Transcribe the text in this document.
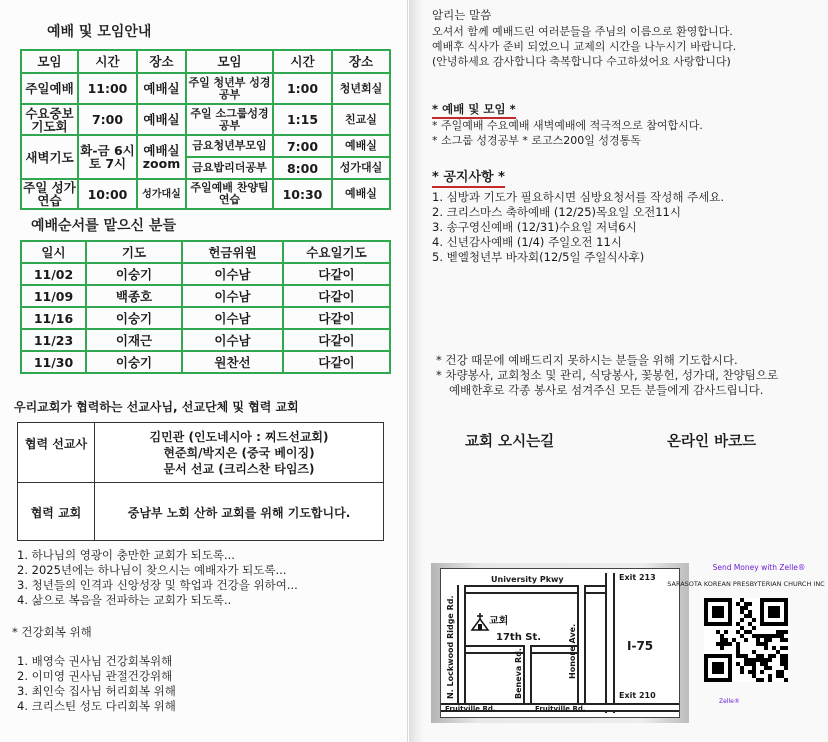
예배 및 모임안내
모임	시간	장소	모임	시간	장소
주일예배	11:00	예배실	주일 청년부 성경공부	1:00	청년회실
수요중보 기도회	7:00	예배실	주일 소그룹성경공부	1:15	친교실
새벽기도	화-금 6시 토 7시	예배실 zoom	금요청년부모임	7:00	예배실
			금요밥리더공부	8:00	성가대실
주일 성가연습	10:00	성가대실	주일예배 찬양팀연습	10:30	예배실
예배순서를 맡으신 분들
일시	기도	헌금위원	수요일기도
11/02	이숭기	이수남	다같이
11/09	백종호	이수남	다같이
11/16	이숭기	이수남	다같이
11/23	이재근	이수남	다같이
11/30	이숭기	원찬선	다같이
우리교회가 협력하는 선교사님, 선교단체 및 협력 교회
협력 선교사	김민관 (인도네시아 : 찌드선교회)
현준희/박지은 (중국 베이징)
문서 선교 (크리스찬 타임즈)
협력 교회	중남부 노회 산하 교회를 위해 기도합니다.
1. 하나님의 영광이 충만한 교회가 되도록...
2. 2025년에는 하나님이 찾으시는 예배자가 되도록...
3. 청년들의 인격과 신앙성장 및 학업과 건강을 위하여...
4. 삶으로 복음을 전파하는 교회가 되도록..
* 건강회복 위해
1. 배영숙 권사님 건강회복위해
2. 이미영 권사님 관절건강위해
3. 최인숙 집사님 허리회복 위해
4. 크리스틴 성도 다리회복 위해
알리는 말씀
오셔서 함께 예배드린 여러분들을 주님의 이름으로 환영합니다.
예배후 식사가 준비 되었으니 교제의 시간을 나누시기 바랍니다.
(안녕하세요 감사합니다 축복합니다 수고하셨어요 사랑합니다)
* 예배 및 모임 *
* 주일예배 수요예배 새벽예배에 적극적으로 참여합시다.
* 소그룹 성경공부 * 로고스200일 성경통독
* 공지사항 *
1. 심방과 기도가 필요하시면 심방요청서를 작성해 주세요.
2. 크리스마스 축하예배 (12/25)목요일 오전11시
3. 송구영신예배 (12/31)수요일 저녁6시
4. 신년감사예배 (1/4) 주일오전 11시
5. 벧엘청년부 바자회(12/5일 주일식사후)
* 건강 때문에 예배드리지 못하시는 분들을 위해 기도합시다.
* 차량봉사, 교회청소 및 관리, 식당봉사, 꽃봉헌, 성가대, 찬양팀으로
예배한후로 각종 봉사로 섬겨주신 모든 분들에게 감사드립니다.
교회 오시는길	온라인 바코드
University Pkwy	Exit 213
Exit 210
17th St.
I-75
Fruitville Rd.	Fruitville Rd.
N. Lockwood Ridge Rd.	Beneva Rd.	Honore Ave.
교회
Send Money with Zelle®
SARASOTA KOREAN PRESBYTERIAN CHURCH INC
Zelle®
